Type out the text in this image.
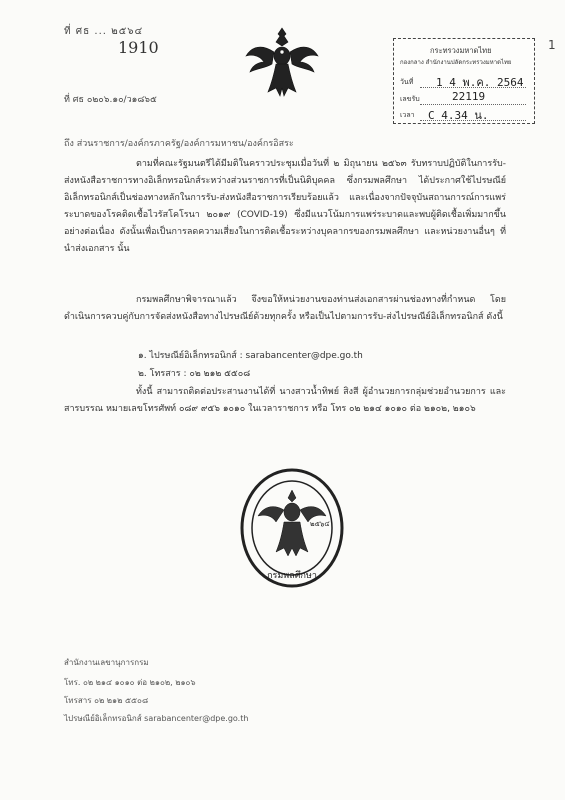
ที่ ศธ ... ๒๕๖๔
1910
ที่ ศธ ๐๒๐๖.๑๐/ว๑๘๖๕
กระทรวงมหาดไทย
กองกลาง สำนักงานปลัดกระทรวงมหาดไทย
วันที่ 1 4 พ.ค. 2564
เลขรับ	22119
เวลา C 4.34 น.
1
ถึง ส่วนราชการ/องค์กรภาครัฐ/องค์การมหาชน/องค์กรอิสระ
ตามที่คณะรัฐมนตรีได้มีมติในคราวประชุมเมื่อวันที่ ๒ มิถุนายน ๒๕๖๓ รับทราบปฏิบัติในการรับ-ส่งหนังสือราชการทางอิเล็กทรอนิกส์ระหว่างส่วนราชการที่เป็นนิติบุคคล ซึ่งกรมพลศึกษา ได้ประกาศใช้ไปรษณีย์อิเล็กทรอนิกส์เป็นช่องทางหลักในการรับ-ส่งหนังสือราชการเรียบร้อยแล้ว และเนื่องจากปัจจุบันสถานการณ์การแพร่ระบาดของโรคติดเชื้อไวรัสโคโรนา ๒๐๑๙ (COVID-19) ซึ่งมีแนวโน้มการแพร่ระบาดและพบผู้ติดเชื้อเพิ่มมากขึ้นอย่างต่อเนื่อง ดังนั้นเพื่อเป็นการลดความเสี่ยงในการติดเชื้อระหว่างบุคลากรของกรมพลศึกษา และหน่วยงานอื่นๆ ที่นำส่งเอกสาร นั้น
กรมพลศึกษาพิจารณาแล้ว จึงขอให้หน่วยงานของท่านส่งเอกสารผ่านช่องทางที่กำหนด โดยดำเนินการควบคู่กับการจัดส่งหนังสือทางไปรษณีย์ด้วยทุกครั้ง หรือเป็นไปตามการรับ-ส่งไปรษณีย์อิเล็กทรอนิกส์ ดังนี้
๑. ไปรษณีย์อิเล็กทรอนิกส์ : sarabancenter@dpe.go.th
๒. โทรสาร : ๐๒ ๒๑๒ ๕๕๐๘
ทั้งนี้ สามารถติดต่อประสานงานได้ที่ นางสาวน้ำทิพย์ สิงสี ผู้อำนวยการกลุ่มช่วยอำนวยการ และสารบรรณ หมายเลขโทรศัพท์ ๐๘๙ ๙๕๖ ๑๐๑๐ ในเวลาราชการ หรือ โทร ๐๒ ๒๑๔ ๑๐๑๐ ต่อ ๒๑๐๒, ๒๑๐๖
๒๕๖๔
กรมพลศึกษา
สำนักงานเลขานุการกรม
โทร. ๐๒ ๒๑๔ ๑๐๑๐ ต่อ ๒๑๐๒, ๒๑๐๖
โทรสาร ๐๒ ๒๑๒ ๕๕๐๘
ไปรษณีย์อิเล็กทรอนิกส์ sarabancenter@dpe.go.th
